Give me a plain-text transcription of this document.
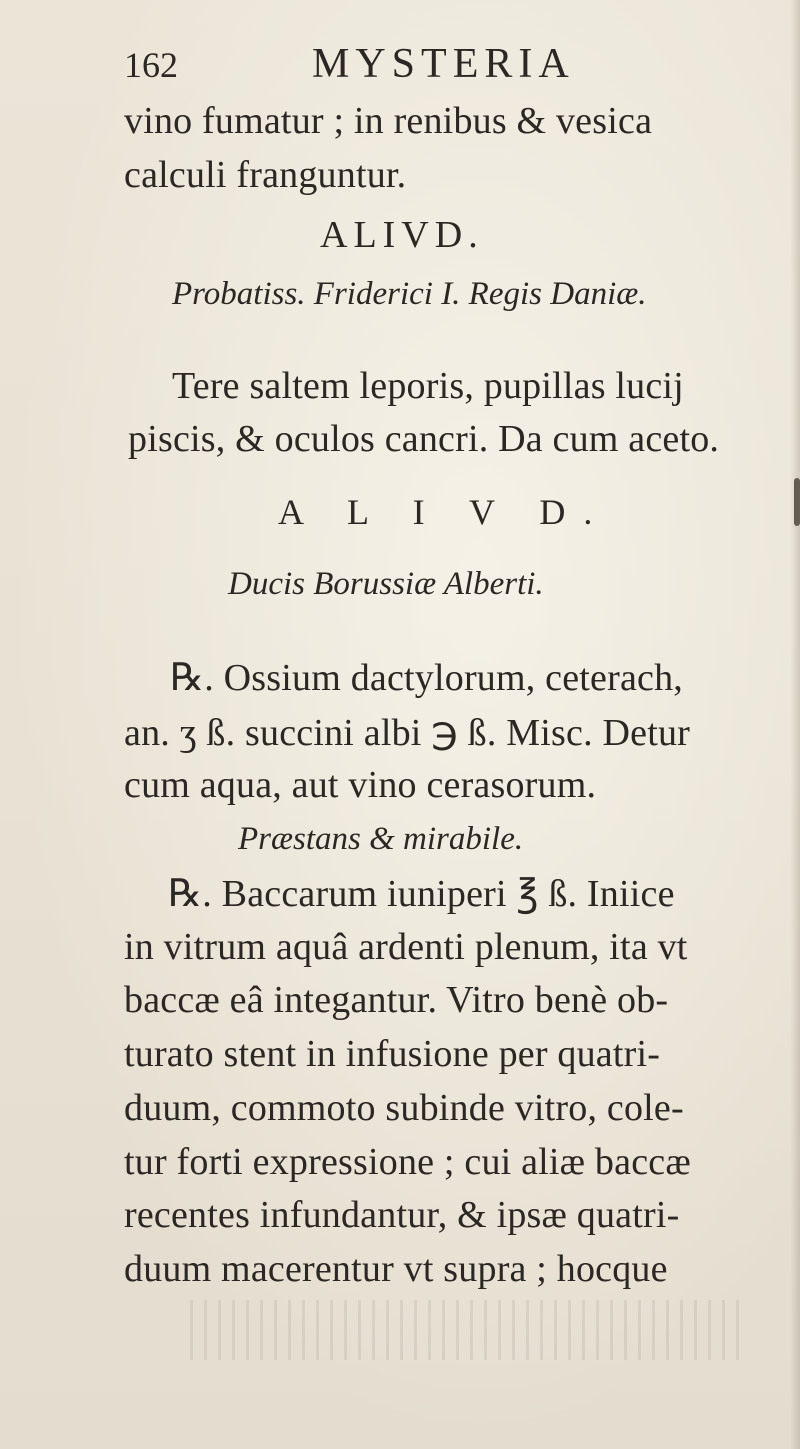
162	MYSTERIA
vino fumatur ; in renibus & vesica
calculi franguntur.
ALIVD.
Probatiss. Friderici I. Regis Daniæ.
Tere saltem leporis, pupillas lucij
piscis, & oculos cancri. Da cum aceto.
A L I V D.
Ducis Borussiæ Alberti.
℞. Ossium dactylorum, ceterach,
an. ʒ ß. succini albi ℈ ß. Misc. Detur
cum aqua, aut vino cerasorum.
Præstans & mirabile.
℞. Baccarum iuniperi ℥ ß. Iniice
in vitrum aquâ ardenti plenum, ita vt
baccæ eâ integantur. Vitro benè ob-
turato stent in infusione per quatri-
duum, commoto subinde vitro, cole-
tur forti expressione ; cui aliæ baccæ
recentes infundantur, & ipsæ quatri-
duum macerentur vt supra ; hocque
